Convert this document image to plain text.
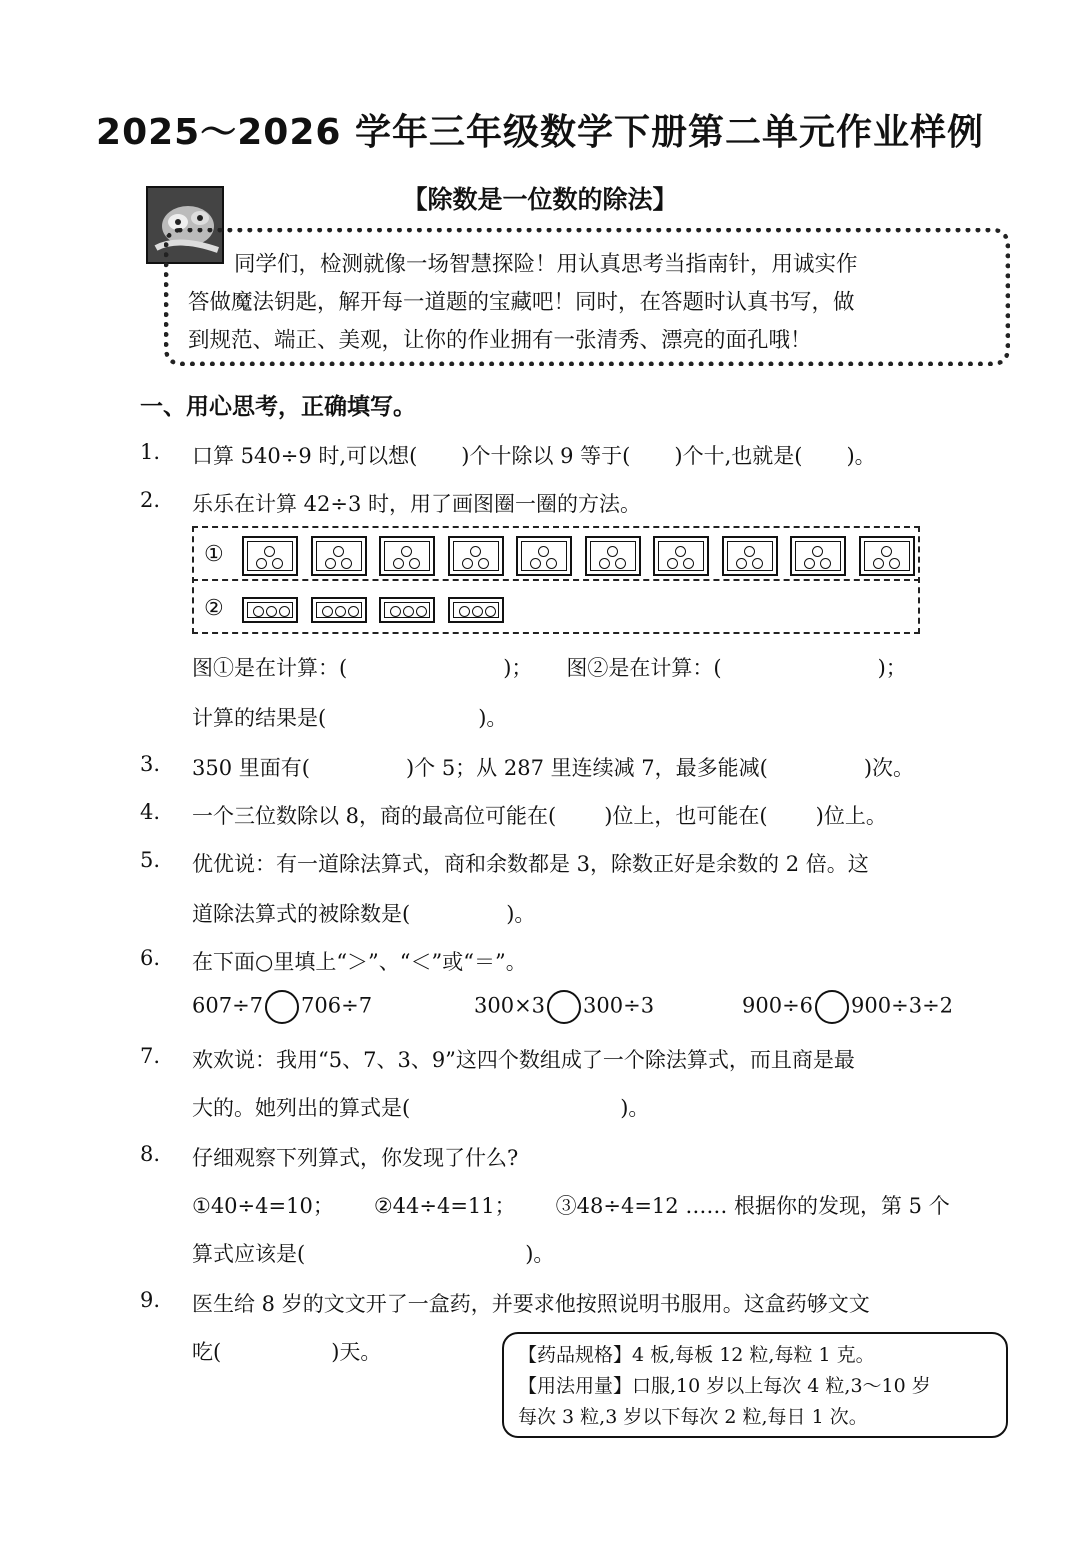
2025～2026 学年三年级数学下册第二单元作业样例
【除数是一位数的除法】
同学们，检测就像一场智慧探险！用认真思考当指南针，用诚实作
答做魔法钥匙，解开每一道题的宝藏吧！同时，在答题时认真书写，做
到规范、端正、美观，让你的作业拥有一张清秀、漂亮的面孔哦！
一、用心思考，正确填写。
1. 口算 540÷9 时,可以想( )个十除以 9 等于( )个十,也就是( )。
2. 乐乐在计算 42÷3 时，用了画图圈一圈的方法。
①
②
图①是在计算：(	)； 图②是在计算：(	)；
计算的结果是(	)。
3. 350 里面有(	)个 5；从 287 里连续减 7，最多能减(	)次。
4. 一个三位数除以 8，商的最高位可能在( )位上，也可能在( )位上。
5. 优优说：有一道除法算式，商和余数都是 3，除数正好是余数的 2 倍。这
道除法算式的被除数是(	)。
6. 在下面○里填上“＞”、“＜”或“＝”。
607÷7 706÷7	300×3 300÷3	900÷6 900÷3÷2
7. 欢欢说：我用“5、7、3、9”这四个数组成了一个除法算式，而且商是最
大的。她列出的算式是(	)。
8. 仔细观察下列算式，你发现了什么?
①40÷4=10； ②44÷4=11； ③48÷4=12 …… 根据你的发现，第 5 个
算式应该是(	)。
9. 医生给 8 岁的文文开了一盒药，并要求他按照说明书服用。这盒药够文文
吃(	)天。	【药品规格】4 板,每板 12 粒,每粒 1 克。
【用法用量】口服,10 岁以上每次 4 粒,3～10 岁
每次 3 粒,3 岁以下每次 2 粒,每日 1 次。
